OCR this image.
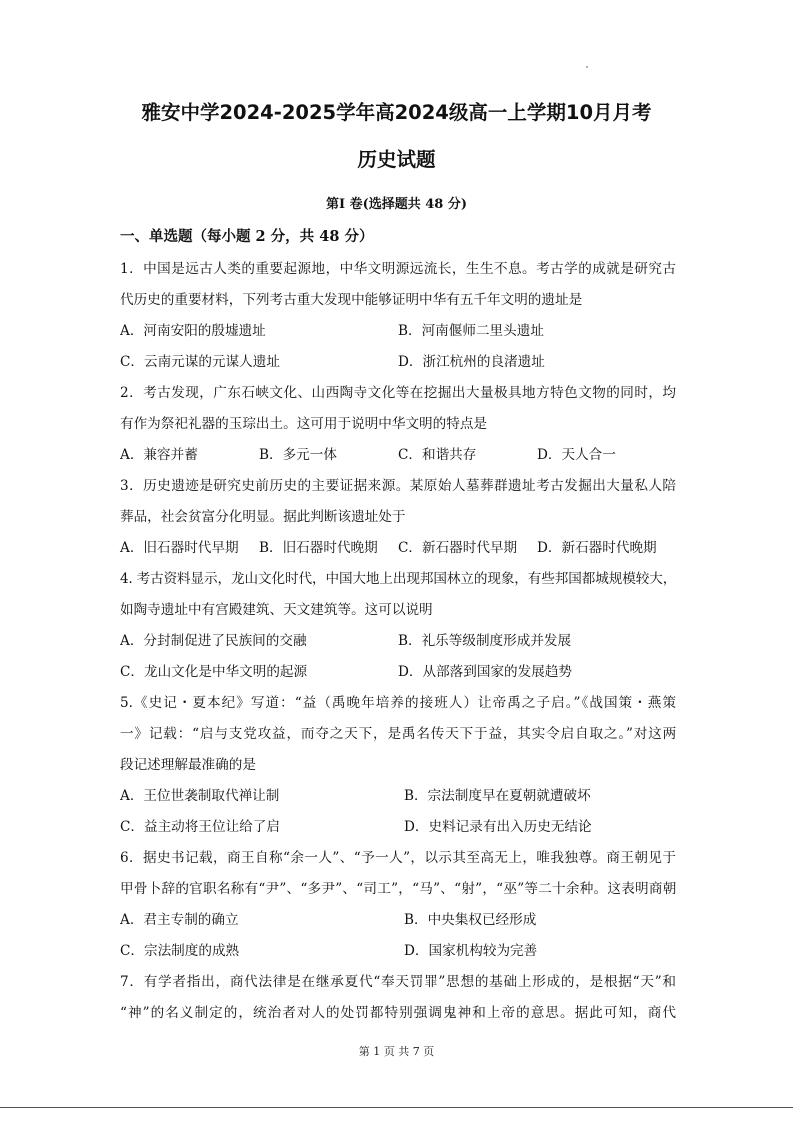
雅安中学2024-2025学年高2024级高一上学期10月月考
历史试题
第Ⅰ 卷(选择题共 48 分)
一、单选题（每小题 2 分，共 48 分）
1．中国是远古人类的重要起源地，中华文明源远流长，生生不息。考古学的成就是研究古
代历史的重要材料，下列考古重大发现中能够证明中华有五千年文明的遗址是
A．河南安阳的殷墟遗址	B．河南偃师二里头遗址
C．云南元谋的元谋人遗址	D．浙江杭州的良渚遗址
2．考古发现，广东石峡文化、山西陶寺文化等在挖掘出大量极具地方特色文物的同时，均
有作为祭祀礼器的玉琮出土。这可用于说明中华文明的特点是
A．兼容并蓄	B．多元一体	C．和谐共存	D．天人合一
3．历史遗迹是研究史前历史的主要证据来源。某原始人墓葬群遗址考古发掘出大量私人陪
葬品，社会贫富分化明显。据此判断该遗址处于
A．旧石器时代早期	B．旧石器时代晚期	C．新石器时代早期	D．新石器时代晚期
4. 考古资料显示，龙山文化时代，中国大地上出现邦国林立的现象，有些邦国都城规模较大，
如陶寺遗址中有宫殿建筑、天文建筑等。这可以说明
A．分封制促进了民族间的交融	B．礼乐等级制度形成并发展
C．龙山文化是中华文明的起源	D．从部落到国家的发展趋势
5.《史记・夏本纪》写道：“益（禹晚年培养的接班人）让帝禹之子启。”《战国策・燕策
一》记载：“启与支党攻益，而夺之天下，是禹名传天下于益，其实令启自取之。”对这两
段记述理解最准确的是
A．王位世袭制取代禅让制	B．宗法制度早在夏朝就遭破坏
C．益主动将王位让给了启	D．史料记录有出入历史无结论
6．据史书记载，商王自称“余一人”、“予一人”，以示其至高无上，唯我独尊。商王朝见于
甲骨卜辞的官职名称有“尹”、“多尹”、“司工”，“马”、“射”，“巫”等二十余种。这表明商朝
A．君主专制的确立	B．中央集权已经形成
C．宗法制度的成熟	D．国家机构较为完善
7．有学者指出，商代法律是在继承夏代“奉天罚罪”思想的基础上形成的，是根据“天”和
“神”的名义制定的，统治者对人的处罚都特别强调鬼神和上帝的意思。据此可知，商代
第 1 页 共 7 页
